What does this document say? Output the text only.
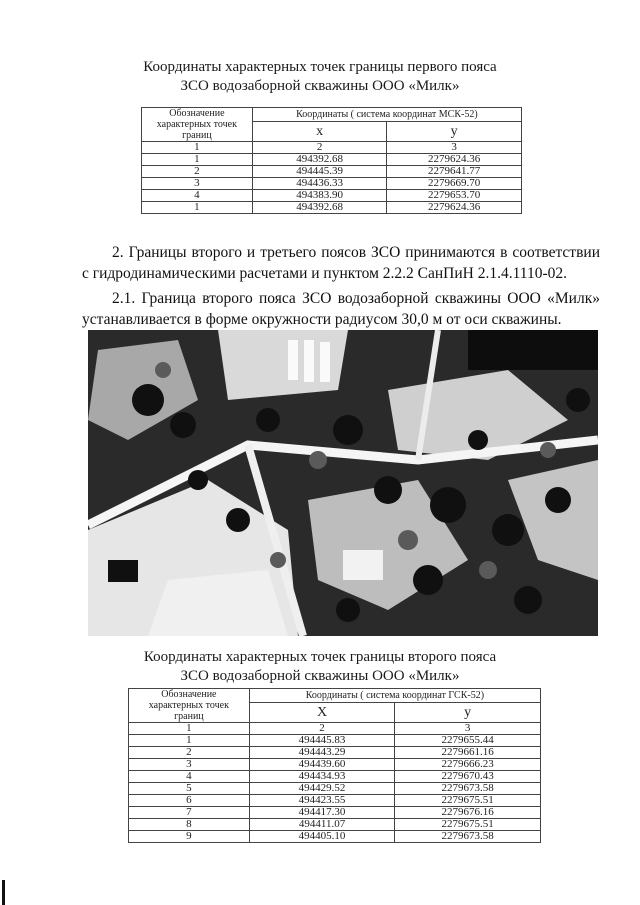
Координаты характерных точек границы первого пояса
ЗСО водозаборной скважины ООО «Милк»
Обозначение характерных точек границ	Координаты ( система координат МСК-52)	
	х	у
1	2	3
1	494392.68	2279624.36
2	494445.39	2279641.77
3	494436.33	2279669.70
4	494383.90	2279653.70
1	494392.68	2279624.36
2. Границы второго и третьего поясов ЗСО принимаются в соответствии с гидродинамическими расчетами и пунктом 2.2.2 СанПиН 2.1.4.1110-02.
2.1. Граница второго пояса ЗСО водозаборной скважины ООО «Милк» устанавливается в форме окружности радиусом 30,0 м от оси скважины.
Координаты характерных точек границы второго пояса
ЗСО водозаборной скважины ООО «Милк»
Обозначение характерных точек границ	Координаты ( система координат ГСК-52)	
	Х	у
1	2	3
1	494445.83	2279655.44
2	494443.29	2279661.16
3	494439.60	2279666.23
4	494434.93	2279670.43
5	494429.52	2279673.58
6	494423.55	2279675.51
7	494417.30	2279676.16
8	494411.07	2279675.51
9	494405.10	2279673.58
